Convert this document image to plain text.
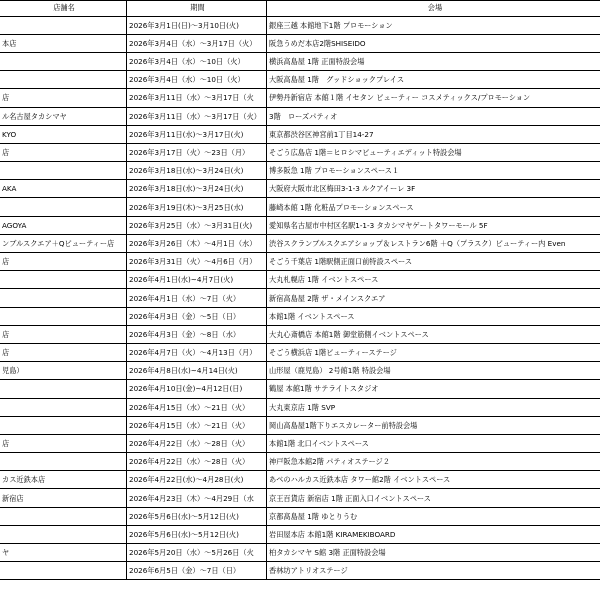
店舗名	期間	会場
	2026年3月1日(日)～3月10日(火)	銀座三越 本館地下1階 プロモーション
本店	2026年3月4日（水）～3月17日（火）	阪急うめだ本店2階SHISEIDO
	2026年3月4日（水）～10日（火）	横浜高島屋 1階 正面特設会場
	2026年3月4日（水）～10日（火）	大阪高島屋 1階　グッドショックプレイス
店	2026年3月11日（水）～3月17日（火	伊勢丹新宿店 本館１階 イセタン ビューティー コスメティックス/プロモーション
ル名古屋タカシマヤ	2026年3月11日（水）～3月17日（火）	3階　ローズパティオ
KYO	2026年3月11日(水)～3月17日(火)	東京都渋谷区神宮前1丁目14-27
店	2026年3月17日（火）～23日（月）	そごう広島店 1階＝ヒロシマビューティエディット特設会場
	2026年3月18日(水)～3月24日(火)	博多阪急 1階 プロモーションスペース１
AKA	2026年3月18日(水)～3月24日(火)	大阪府大阪市北区梅田3-1-3 ルクアイーレ 3F
	2026年3月19日(木)～3月25日(水)	藤崎本館 1階 化粧品プロモーションスペース
AGOYA	2026年3月25日（水）～3月31日(火)	愛知県名古屋市中村区名駅1-1-3 タカシマヤゲートタワーモール 5F
ンブルスクエア＋Qビューティー店	2026年3月26日（木）～4月1日（水）	渋谷スクランブルスクエアショップ＆レストラン6階 ＋Q（プラスク）ビューティー内 Even
店	2026年3月31日（火）～4月6日（月）	そごう千葉店 1階駅側正面口前特設スペース
	2026年4月1日(水)~4月7日(火)	大丸札幌店 1階 イベントスペース
	2026年4月1日（水）～7日（火）	新宿高島屋 2階 ザ・メインスクエア
	2026年4月3日（金）～5日（日）	本館1階 イベントスペース
店	2026年4月3日（金）～8日（水）	大丸心斎橋店 本館1階 御堂筋側イベントスペース
店	2026年4月7日（火）～4月13日（月）	そごう横浜店 1階ビューティーステージ
児島）	2026年4月8日(水)~4月14日(火)	山形屋（鹿児島） 2号館1階 特設会場
	2026年4月10日(金)~4月12日(日)	鶴屋 本館1階 サテライトスタジオ
	2026年4月15日（水）～21日（火）	大丸東京店 1階 SVP
	2026年4月15日（水）～21日（火）	岡山高島屋1階下りエスカレーター前特設会場
店	2026年4月22日（水）～28日（火）	本館1階 北口イベントスペース
	2026年4月22日（水）～28日（火）	神戸阪急本館2階 パティオステージ２
カス近鉄本店	2026年4月22日(水)～4月28日(火)	あべのハルカス近鉄本店 タワー館2階 イベントスペース
新宿店	2026年4月23日（木）～4月29日（水	京王百貨店 新宿店 1階 正面入口イベントスペース
	2026年5月6日(水)～5月12日(火)	京都髙島屋 1階 ゆとりうむ
	2026年5月6日(水)～5月12日(火)	岩田屋本店 本館1階 KIRAMEKIBOARD
ヤ	2026年5月20日（水）～5月26日（火	柏タカシマヤ S館 3階 正面特設会場
	2026年6月5日（金）～7日（日）	香林坊アトリオステージ
